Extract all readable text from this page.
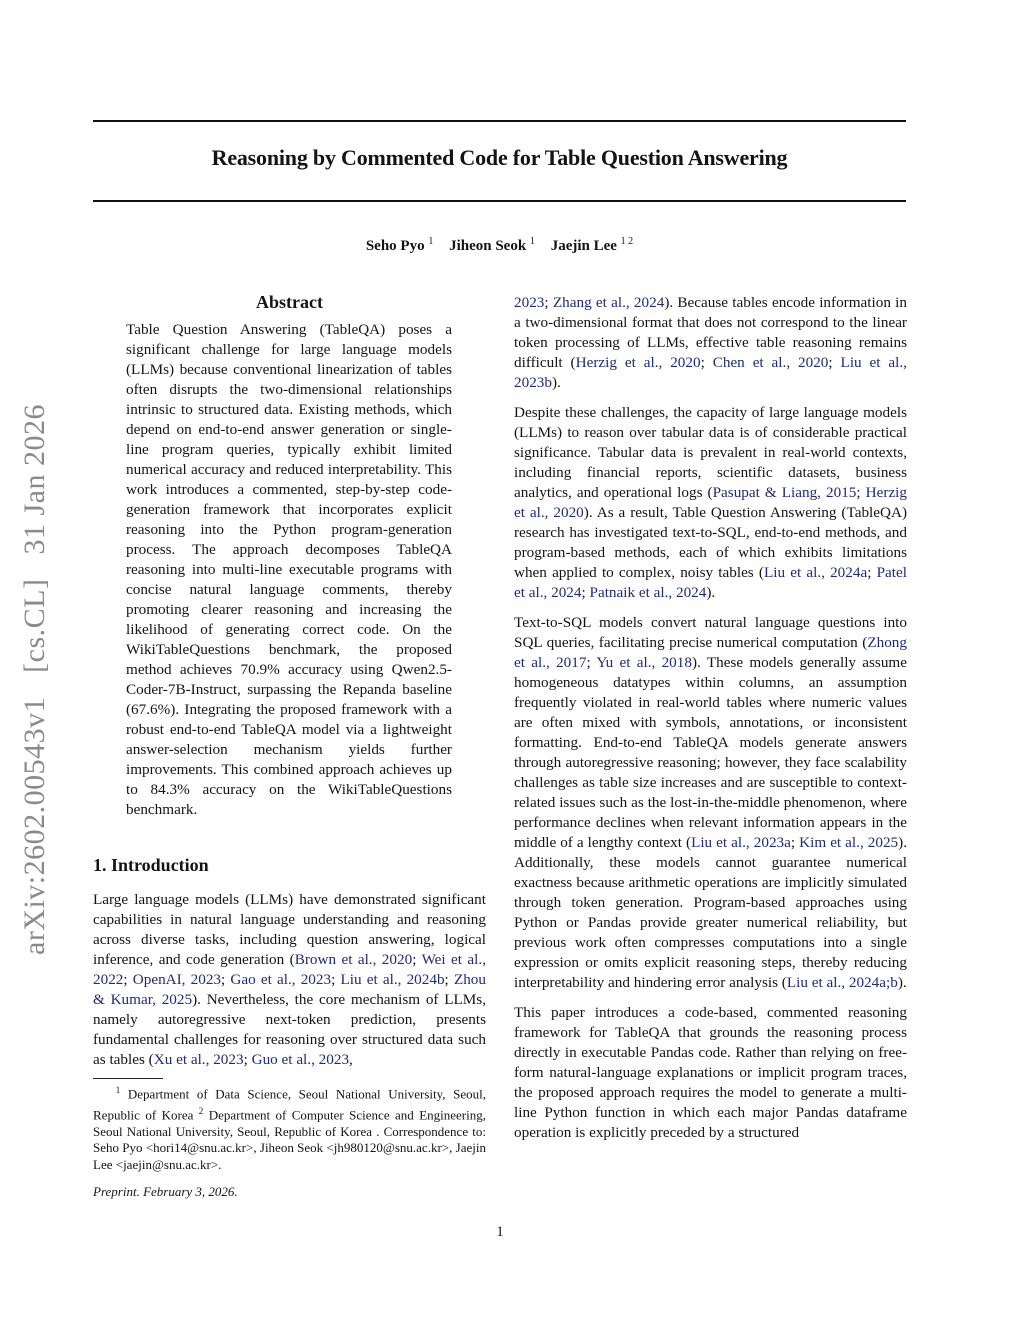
arXiv:2602.00543v1 [cs.CL] 31 Jan 2026
Reasoning by Commented Code for Table Question Answering
Seho Pyo $^1$ Jiheon Seok $^1$ Jaejin Lee $^{1 2}$
Abstract
Table Question Answering (TableQA) poses a significant challenge for large language models (LLMs) because conventional linearization of tables often disrupts the two-dimensional relationships intrinsic to structured data. Existing methods, which depend on end-to-end answer generation or single-line program queries, typically exhibit limited numerical accuracy and reduced interpretability. This work introduces a commented, step-by-step code-generation framework that incorporates explicit reasoning into the Python program-generation process. The approach decomposes TableQA reasoning into multi-line executable programs with concise natural language comments, thereby promoting clearer reasoning and increasing the likelihood of generating correct code. On the WikiTableQuestions benchmark, the proposed method achieves 70.9% accuracy using Qwen2.5-Coder-7B-Instruct, surpassing the Repanda baseline (67.6%). Integrating the proposed framework with a robust end-to-end TableQA model via a lightweight answer-selection mechanism yields further improvements. This combined approach achieves up to 84.3% accuracy on the WikiTableQuestions benchmark.
1. Introduction
Large language models (LLMs) have demonstrated significant capabilities in natural language understanding and reasoning across diverse tasks, including question answering, logical inference, and code generation (Brown et al., 2020; Wei et al., 2022; OpenAI, 2023; Gao et al., 2023; Liu et al., 2024b; Zhou & Kumar, 2025). Nevertheless, the core mechanism of LLMs, namely autoregressive next-token prediction, presents fundamental challenges for reasoning over structured data such as tables (Xu et al., 2023; Guo et al., 2023,
$^1$ Department of Data Science, Seoul National University, Seoul, Republic of Korea $^2$ Department of Computer Science and Engineering, Seoul National University, Seoul, Republic of Korea . Correspondence to: Seho Pyo <hori14@snu.ac.kr>, Jiheon Seok <jh980120@snu.ac.kr>, Jaejin Lee <jaejin@snu.ac.kr>.
Preprint. February 3, 2026.

2023; Zhang et al., 2024). Because tables encode information in a two-dimensional format that does not correspond to the linear token processing of LLMs, effective table reasoning remains difficult (Herzig et al., 2020; Chen et al., 2020; Liu et al., 2023b).

Despite these challenges, the capacity of large language models (LLMs) to reason over tabular data is of considerable practical significance. Tabular data is prevalent in real-world contexts, including financial reports, scientific datasets, business analytics, and operational logs (Pasupat & Liang, 2015; Herzig et al., 2020). As a result, Table Question Answering (TableQA) research has investigated text-to-SQL, end-to-end methods, and program-based methods, each of which exhibits limitations when applied to complex, noisy tables (Liu et al., 2024a; Patel et al., 2024; Patnaik et al., 2024).

Text-to-SQL models convert natural language questions into SQL queries, facilitating precise numerical computation (Zhong et al., 2017; Yu et al., 2018). These models generally assume homogeneous datatypes within columns, an assumption frequently violated in real-world tables where numeric values are often mixed with symbols, annotations, or inconsistent formatting. End-to-end TableQA models generate answers through autoregressive reasoning; however, they face scalability challenges as table size increases and are susceptible to context-related issues such as the lost-in-the-middle phenomenon, where performance declines when relevant information appears in the middle of a lengthy context (Liu et al., 2023a; Kim et al., 2025). Additionally, these models cannot guarantee numerical exactness because arithmetic operations are implicitly simulated through token generation. Program-based approaches using Python or Pandas provide greater numerical reliability, but previous work often compresses computations into a single expression or omits explicit reasoning steps, thereby reducing interpretability and hindering error analysis (Liu et al., 2024a;b).

This paper introduces a code-based, commented reasoning framework for TableQA that grounds the reasoning process directly in executable Pandas code. Rather than relying on free-form natural-language explanations or implicit program traces, the proposed approach requires the model to generate a multi-line Python function in which each major Pandas dataframe operation is explicitly preceded by a structured

1
